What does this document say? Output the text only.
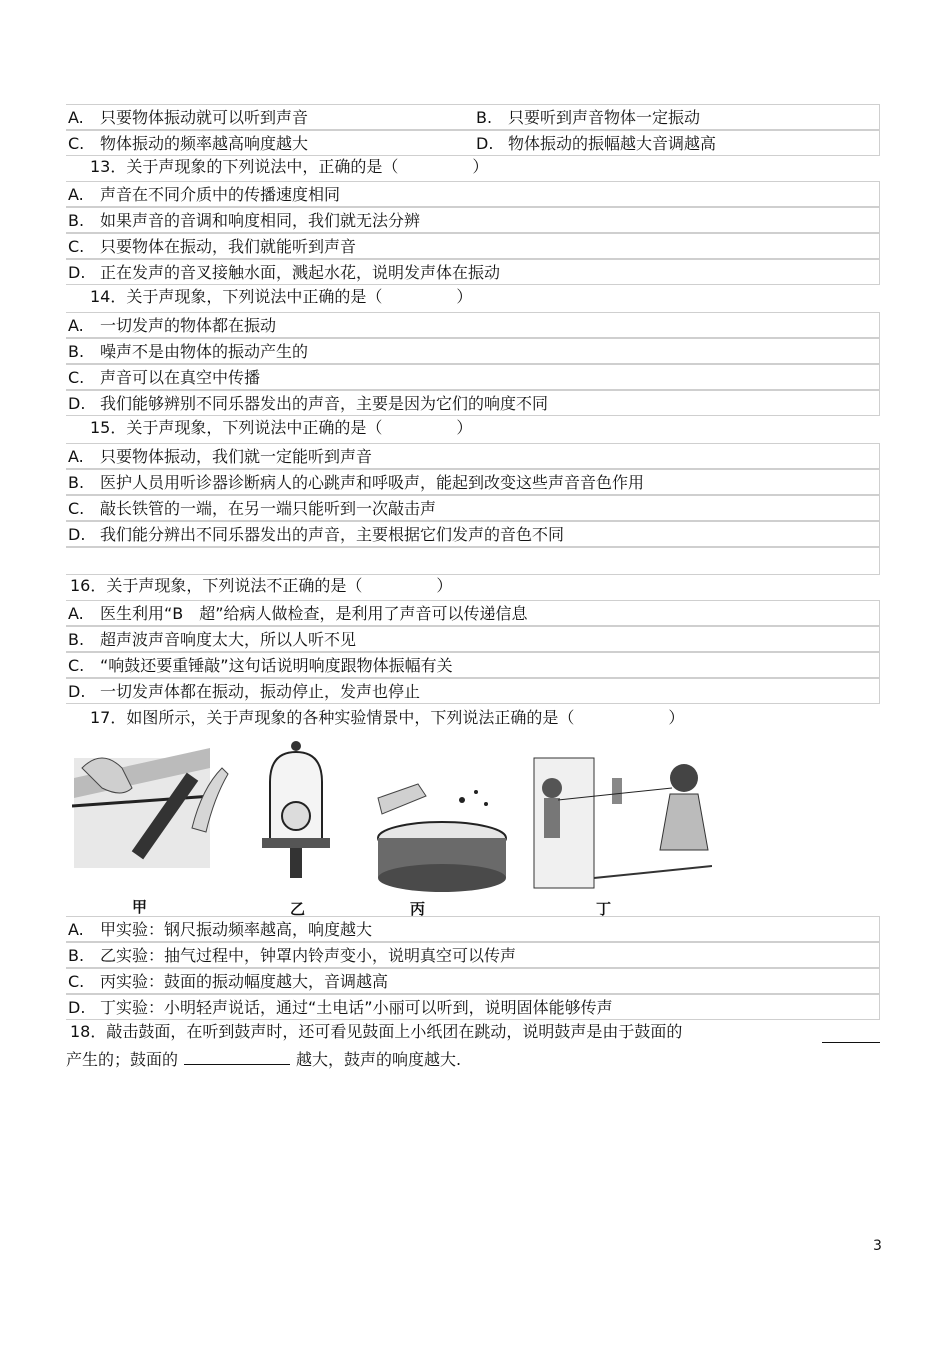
A. 只要物体振动就可以听到声音	B. 只要听到声音物体一定振动
C. 物体振动的频率越高响度越大	D. 物体振动的振幅越大音调越高
13．关于声现象的下列说法中，正确的是（	）
A. 声音在不同介质中的传播速度相同
B. 如果声音的音调和响度相同，我们就无法分辨
C. 只要物体在振动，我们就能听到声音
D. 正在发声的音叉接触水面，溅起水花，说明发声体在振动
14．关于声现象，下列说法中正确的是（	）
A. 一切发声的物体都在振动
B. 噪声不是由物体的振动产生的
C. 声音可以在真空中传播
D. 我们能够辨别不同乐器发出的声音，主要是因为它们的响度不同
15．关于声现象，下列说法中正确的是（	）
A. 只要物体振动，我们就一定能听到声音
B. 医护人员用听诊器诊断病人的心跳声和呼吸声，能起到改变这些声音音色作用
C. 敲长铁管的一端，在另一端只能听到一次敲击声
D. 我们能分辨出不同乐器发出的声音，主要根据它们发声的音色不同
16．关于声现象，下列说法不正确的是（	）
A. 医生利用“B　超”给病人做检查，是利用了声音可以传递信息
B. 超声波声音响度太大，所以人听不见
C. “响鼓还要重锤敲”这句话说明响度跟物体振幅有关
D. 一切发声体都在振动，振动停止，发声也停止
17．如图所示，关于声现象的各种实验情景中，下列说法正确的是（	）
甲	乙	丙	丁
A. 甲实验：钢尺振动频率越高，响度越大
B. 乙实验：抽气过程中，钟罩内铃声变小，说明真空可以传声
C. 丙实验：鼓面的振动幅度越大，音调越高
D. 丁实验：小明轻声说话，通过“土电话”小丽可以听到，说明固体能够传声
18．敲击鼓面，在听到鼓声时，还可看见鼓面上小纸团在跳动，说明鼓声是由于鼓面的
产生的；鼓面的	越大，鼓声的响度越大.
3
